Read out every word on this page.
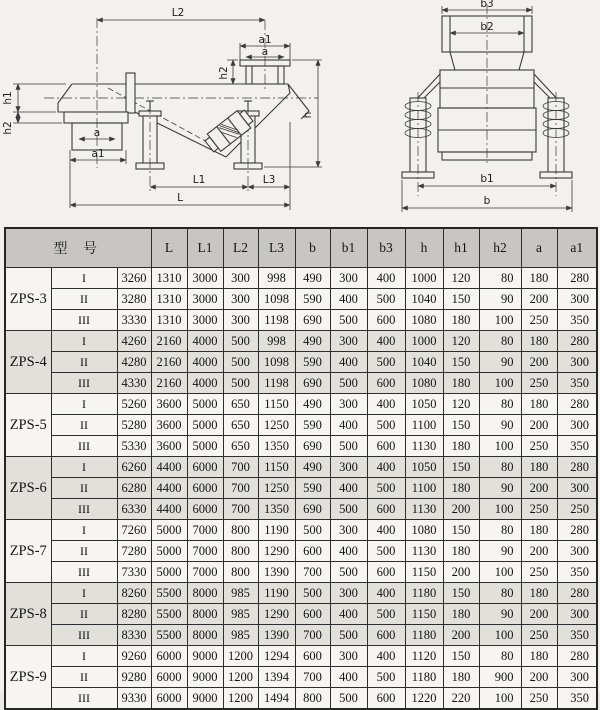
a
a1
h1
h2
a1
a
h2
L2
h
L1	L3
L
b3
b2
b1
b
型 号			L	L1	L2	L3	b	b1	b3	h	h1	h2	a	a1
ZPS-3	I	3260	1310	3000	300	998	490	300	400	1000	120	80	180	280
	II	3280	1310	3000	300	1098	590	400	500	1040	150	90	200	300
	III	3330	1310	3000	300	1198	690	500	600	1080	180	100	250	350
ZPS-4	I	4260	2160	4000	500	998	490	300	400	1000	120	80	180	280
	II	4280	2160	4000	500	1098	590	400	500	1040	150	90	200	300
	III	4330	2160	4000	500	1198	690	500	600	1080	180	100	250	350
ZPS-5	I	5260	3600	5000	650	1150	490	300	400	1050	120	80	180	280
	II	5280	3600	5000	650	1250	590	400	500	1100	150	90	200	300
	III	5330	3600	5000	650	1350	690	500	600	1130	180	100	250	350
ZPS-6	I	6260	4400	6000	700	1150	490	300	400	1050	150	80	180	280
	II	6280	4400	6000	700	1250	590	400	500	1100	180	90	200	300
	III	6330	4400	6000	700	1350	690	500	600	1130	200	100	250	250
ZPS-7	I	7260	5000	7000	800	1190	500	300	400	1080	150	80	180	280
	II	7280	5000	7000	800	1290	600	400	500	1130	180	90	200	300
	III	7330	5000	7000	800	1390	700	500	600	1150	200	100	250	350
ZPS-8	I	8260	5500	8000	985	1190	500	300	400	1180	150	80	180	280
	II	8280	5500	8000	985	1290	600	400	500	1150	180	90	200	300
	III	8330	5500	8000	985	1390	700	500	600	1180	200	100	250	350
ZPS-9	I	9260	6000	9000	1200	1294	600	300	400	1120	150	80	180	280
	II	9280	6000	9000	1200	1394	700	400	500	1180	180	900	200	300
	III	9330	6000	9000	1200	1494	800	500	600	1220	220	100	250	350
